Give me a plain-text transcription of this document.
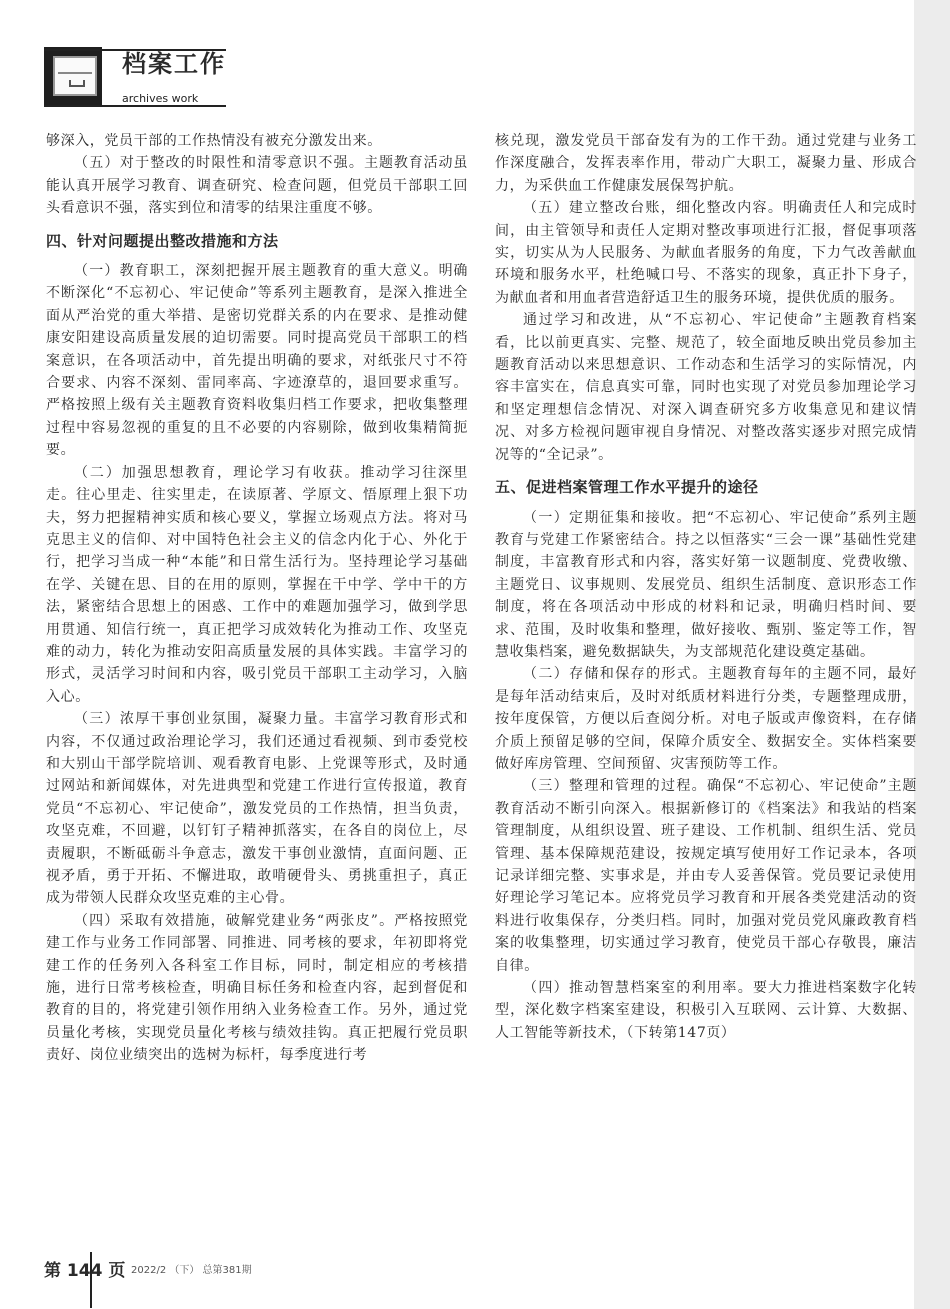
档案工作
archives work

够深入，党员干部的工作热情没有被充分激发出来。

（五）对于整改的时限性和清零意识不强。主题教育活动虽能认真开展学习教育、调查研究、检查问题，但党员干部职工回头看意识不强，落实到位和清零的结果注重度不够。

四、针对问题提出整改措施和方法

（一）教育职工，深刻把握开展主题教育的重大意义。明确不断深化“不忘初心、牢记使命”等系列主题教育，是深入推进全面从严治党的重大举措、是密切党群关系的内在要求、是推动健康安阳建设高质量发展的迫切需要。同时提高党员干部职工的档案意识，在各项活动中，首先提出明确的要求，对纸张尺寸不符合要求、内容不深刻、雷同率高、字迹潦草的，退回要求重写。严格按照上级有关主题教育资料收集归档工作要求，把收集整理过程中容易忽视的重复的且不必要的内容剔除，做到收集精简扼要。

（二）加强思想教育，理论学习有收获。推动学习往深里走。往心里走、往实里走，在读原著、学原文、悟原理上狠下功夫，努力把握精神实质和核心要义，掌握立场观点方法。将对马克思主义的信仰、对中国特色社会主义的信念内化于心、外化于行，把学习当成一种“本能”和日常生活行为。坚持理论学习基础在学、关键在思、目的在用的原则，掌握在干中学、学中干的方法，紧密结合思想上的困惑、工作中的难题加强学习，做到学思用贯通、知信行统一，真正把学习成效转化为推动工作、攻坚克难的动力，转化为推动安阳高质量发展的具体实践。丰富学习的形式，灵活学习时间和内容，吸引党员干部职工主动学习，入脑入心。

（三）浓厚干事创业氛围，凝聚力量。丰富学习教育形式和内容，不仅通过政治理论学习，我们还通过看视频、到市委党校和大别山干部学院培训、观看教育电影、上党课等形式，及时通过网站和新闻媒体，对先进典型和党建工作进行宣传报道，教育党员“不忘初心、牢记使命”，激发党员的工作热情，担当负责，攻坚克难，不回避，以钉钉子精神抓落实，在各自的岗位上，尽责履职，不断砥砺斗争意志，激发干事创业激情，直面问题、正视矛盾，勇于开拓、不懈进取，敢啃硬骨头、勇挑重担子，真正成为带领人民群众攻坚克难的主心骨。

（四）采取有效措施，破解党建业务“两张皮”。严格按照党建工作与业务工作同部署、同推进、同考核的要求，年初即将党建工作的任务列入各科室工作目标，同时，制定相应的考核措施，进行日常考核检查，明确目标任务和检查内容，起到督促和教育的目的，将党建引领作用纳入业务检查工作。另外，通过党员量化考核，实现党员量化考核与绩效挂钩。真正把履行党员职责好、岗位业绩突出的选树为标杆，每季度进行考

核兑现，激发党员干部奋发有为的工作干劲。通过党建与业务工作深度融合，发挥表率作用，带动广大职工，凝聚力量、形成合力，为采供血工作健康发展保驾护航。

（五）建立整改台账，细化整改内容。明确责任人和完成时间，由主管领导和责任人定期对整改事项进行汇报，督促事项落实，切实从为人民服务、为献血者服务的角度，下力气改善献血环境和服务水平，杜绝喊口号、不落实的现象，真正扑下身子，为献血者和用血者营造舒适卫生的服务环境，提供优质的服务。

通过学习和改进，从“不忘初心、牢记使命”主题教育档案看，比以前更真实、完整、规范了，较全面地反映出党员参加主题教育活动以来思想意识、工作动态和生活学习的实际情况，内容丰富实在，信息真实可靠，同时也实现了对党员参加理论学习和坚定理想信念情况、对深入调查研究多方收集意见和建议情况、对多方检视问题审视自身情况、对整改落实逐步对照完成情况等的“全记录”。

五、促进档案管理工作水平提升的途径

（一）定期征集和接收。把“不忘初心、牢记使命”系列主题教育与党建工作紧密结合。持之以恒落实“三会一课”基础性党建制度，丰富教育形式和内容，落实好第一议题制度、党费收缴、主题党日、议事规则、发展党员、组织生活制度、意识形态工作制度，将在各项活动中形成的材料和记录，明确归档时间、要求、范围，及时收集和整理，做好接收、甄别、鉴定等工作，智慧收集档案，避免数据缺失，为支部规范化建设奠定基础。

（二）存储和保存的形式。主题教育每年的主题不同，最好是每年活动结束后，及时对纸质材料进行分类，专题整理成册，按年度保管，方便以后查阅分析。对电子版或声像资料，在存储介质上预留足够的空间，保障介质安全、数据安全。实体档案要做好库房管理、空间预留、灾害预防等工作。

（三）整理和管理的过程。确保“不忘初心、牢记使命”主题教育活动不断引向深入。根据新修订的《档案法》和我站的档案管理制度，从组织设置、班子建设、工作机制、组织生活、党员管理、基本保障规范建设，按规定填写使用好工作记录本，各项记录详细完整、实事求是，并由专人妥善保管。党员要记录使用好理论学习笔记本。应将党员学习教育和开展各类党建活动的资料进行收集保存，分类归档。同时，加强对党员党风廉政教育档案的收集整理，切实通过学习教育，使党员干部心存敬畏，廉洁自律。

（四）推动智慧档案室的利用率。要大力推进档案数字化转型，深化数字档案室建设，积极引入互联网、云计算、大数据、人工智能等新技术，（下转第147页）

第 144 页 2022/2 （下） 总第381期
